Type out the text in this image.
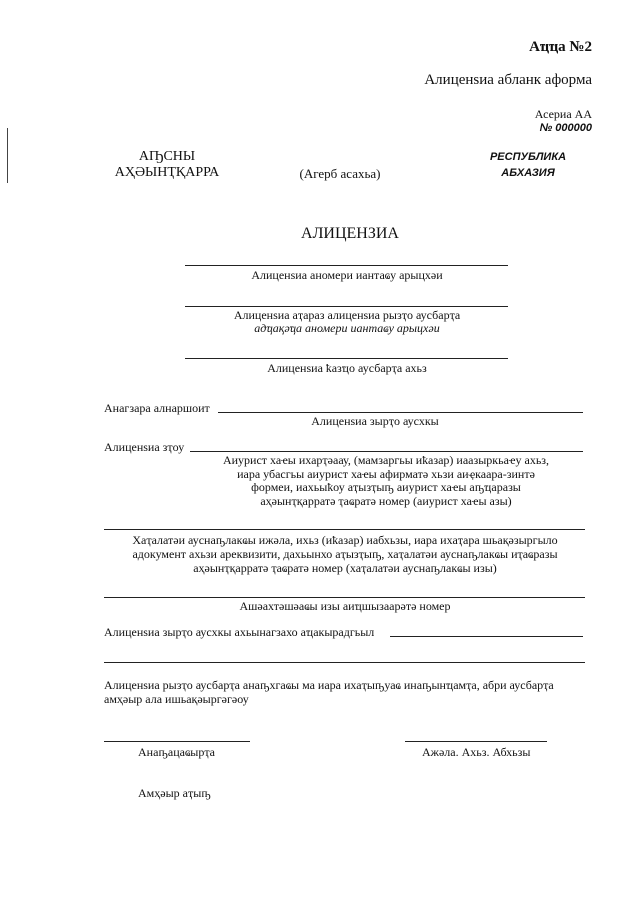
Аҵҵа №2
Алиценѕиа абланк аформа
Асериа АА
№ 000000
АҦСНЫ
АҲӘЫНҬҚАРРА	(Агерб асахьа)
РЕСПУБЛИКА
АБХАЗИЯ
АЛИЦЕНЗИА
Алиценѕиа аномери иантаҩу арыцхәи
Алиценѕиа аҭараз алиценѕиа рызҭо аусбарҭа
адҵақәҵа аномери иантаҩу арыцхәи
Алиценѕиа ҟазҵо аусбарҭа ахьз
Анагзара алнаршоит
Алиценѕиа зырҭо аусхкы
Алиценѕиа зҭоу
Аиурист хаҽы ихарҭәаау, (мамзаргьы иҟазар) иаазыркьаҽу ахьз,
иара убасгьы аиурист хаҽы афирматә хьзи аиҿкаара-зинтә
формеи, иахьыҟоу аҭызҭыҧ аиурист хаҽы аҧҵаразы
аҳәынҭқарратә ҭаҩратә номер (аиурист хаҽы азы)
Хаҭалатәи ауснаҧлакҩы ижәла, ихьз (иҟазар) иабхьзы, иара ихаҭара шьақәзыргыло
адокумент ахьзи ареквизити, дахьынхо аҭызҭыҧ, хаҭалатәи ауснаҧлакҩы иҭаҩразы
аҳәынҭқарратә ҭаҩратә номер (хаҭалатәи ауснаҧлакҩы изы)
Ашәахтәшәаҩы изы аиҵшызаарәтә номер
Алиценѕиа зырҭо аусхкы ахьынагзахо аҵакырадгьыл
Алиценѕиа рызҭо аусбарҭа анаҧхгаҩы ма иара ихаҭыҧуаҩ инаҧынҵамҭа, абри аусбарҭа
амҳәыр ала ишьақәыргәгәоу
Анаҧацаҩырҭа	Ажәла. Ахьз. Абхьзы
Амҳәыр аҭыҧ
